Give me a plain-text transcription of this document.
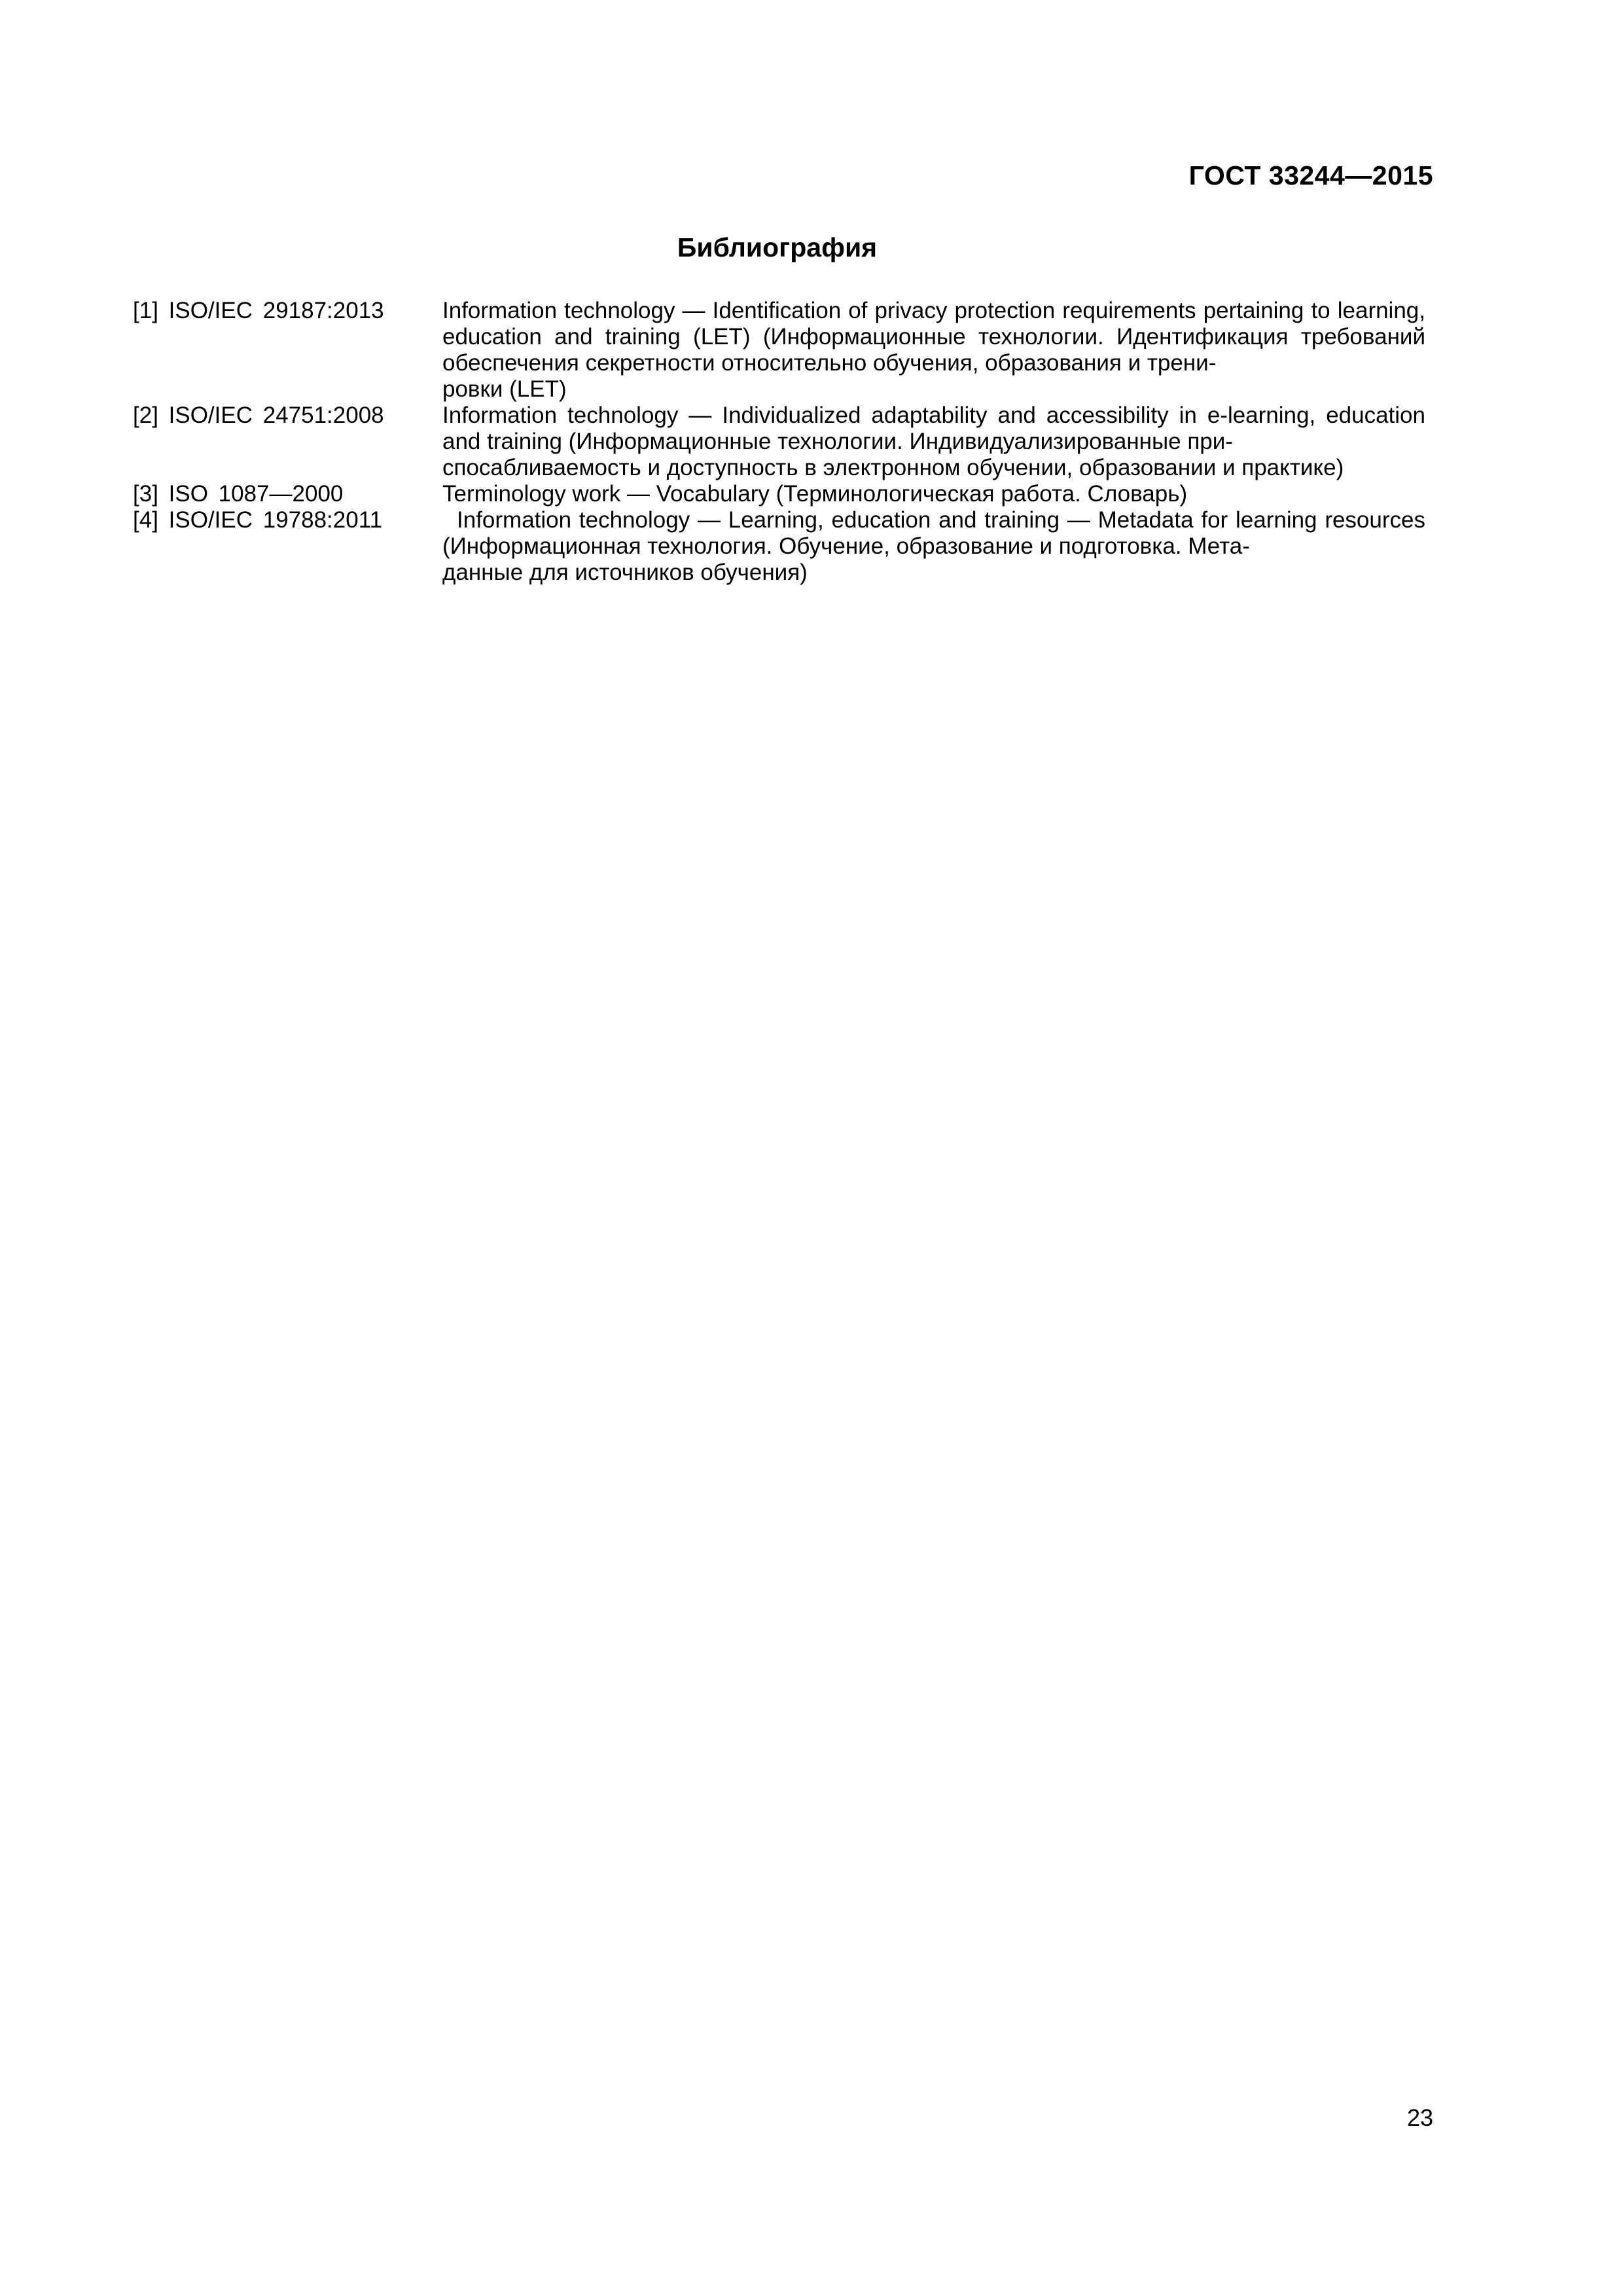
ГОСТ 33244—2015
Библиография
[1] ISO/IEC 29187:2013	Information technology — Identification of privacy protection requirements pertaining to learning, education and training (LET) (Информационные технологии. Идентификация требований обеспечения секретности относительно обучения, образования и трени-
ровки (LET)
[2] ISO/IEC 24751:2008	Information technology — Individualized adaptability and accessibility in e-learning, education and training (Информационные технологии. Индивидуализированные при-
спосабливаемость и доступность в электронном обучении, образовании и практике)
[3] ISO 1087—2000	Terminology work — Vocabulary (Терминологическая работа. Словарь)
[4] ISO/IEC 19788:2011	Information technology — Learning, education and training — Metadata for learning resources (Информационная технология. Обучение, образование и подготовка. Мета-
данные для источников обучения)
23
